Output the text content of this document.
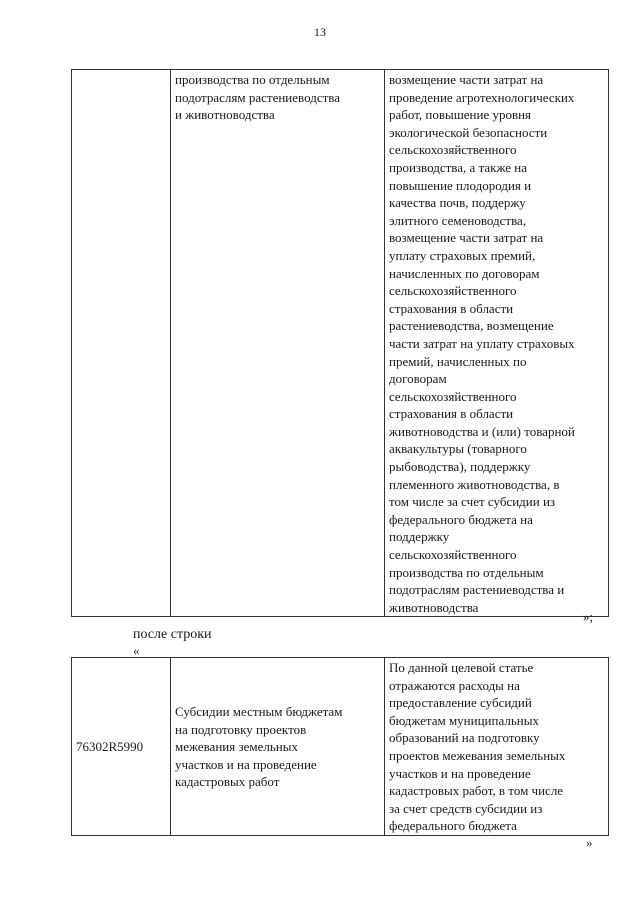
13
	производства по отдельным
подотраслям растениеводства
и животноводства	возмещение части затрат на
проведение агротехнологических
работ, повышение уровня
экологической безопасности
сельскохозяйственного
производства, а также на
повышение плодородия и
качества почв, поддержу
элитного семеноводства,
возмещение части затрат на
уплату страховых премий,
начисленных по договорам
сельскохозяйственного
страхования в области
растениеводства, возмещение
части затрат на уплату страховых
премий, начисленных по
договорам
сельскохозяйственного
страхования в области
животноводства и (или) товарной
аквакультуры (товарного
рыбоводства), поддержку
племенного животноводства, в
том числе за счет субсидии из
федерального бюджета на
поддержку
сельскохозяйственного
производства по отдельным
подотраслям растениеводства и
животноводства
»;
после строки
«
76302R5990	Субсидии местным бюджетам
на подготовку проектов
межевания земельных
участков и на проведение
кадастровых работ	По данной целевой статье
отражаются расходы на
предоставление субсидий
бюджетам муниципальных
образований на подготовку
проектов межевания земельных
участков и на проведение
кадастровых работ, в том числе
за счет средств субсидии из
федерального бюджета
»
